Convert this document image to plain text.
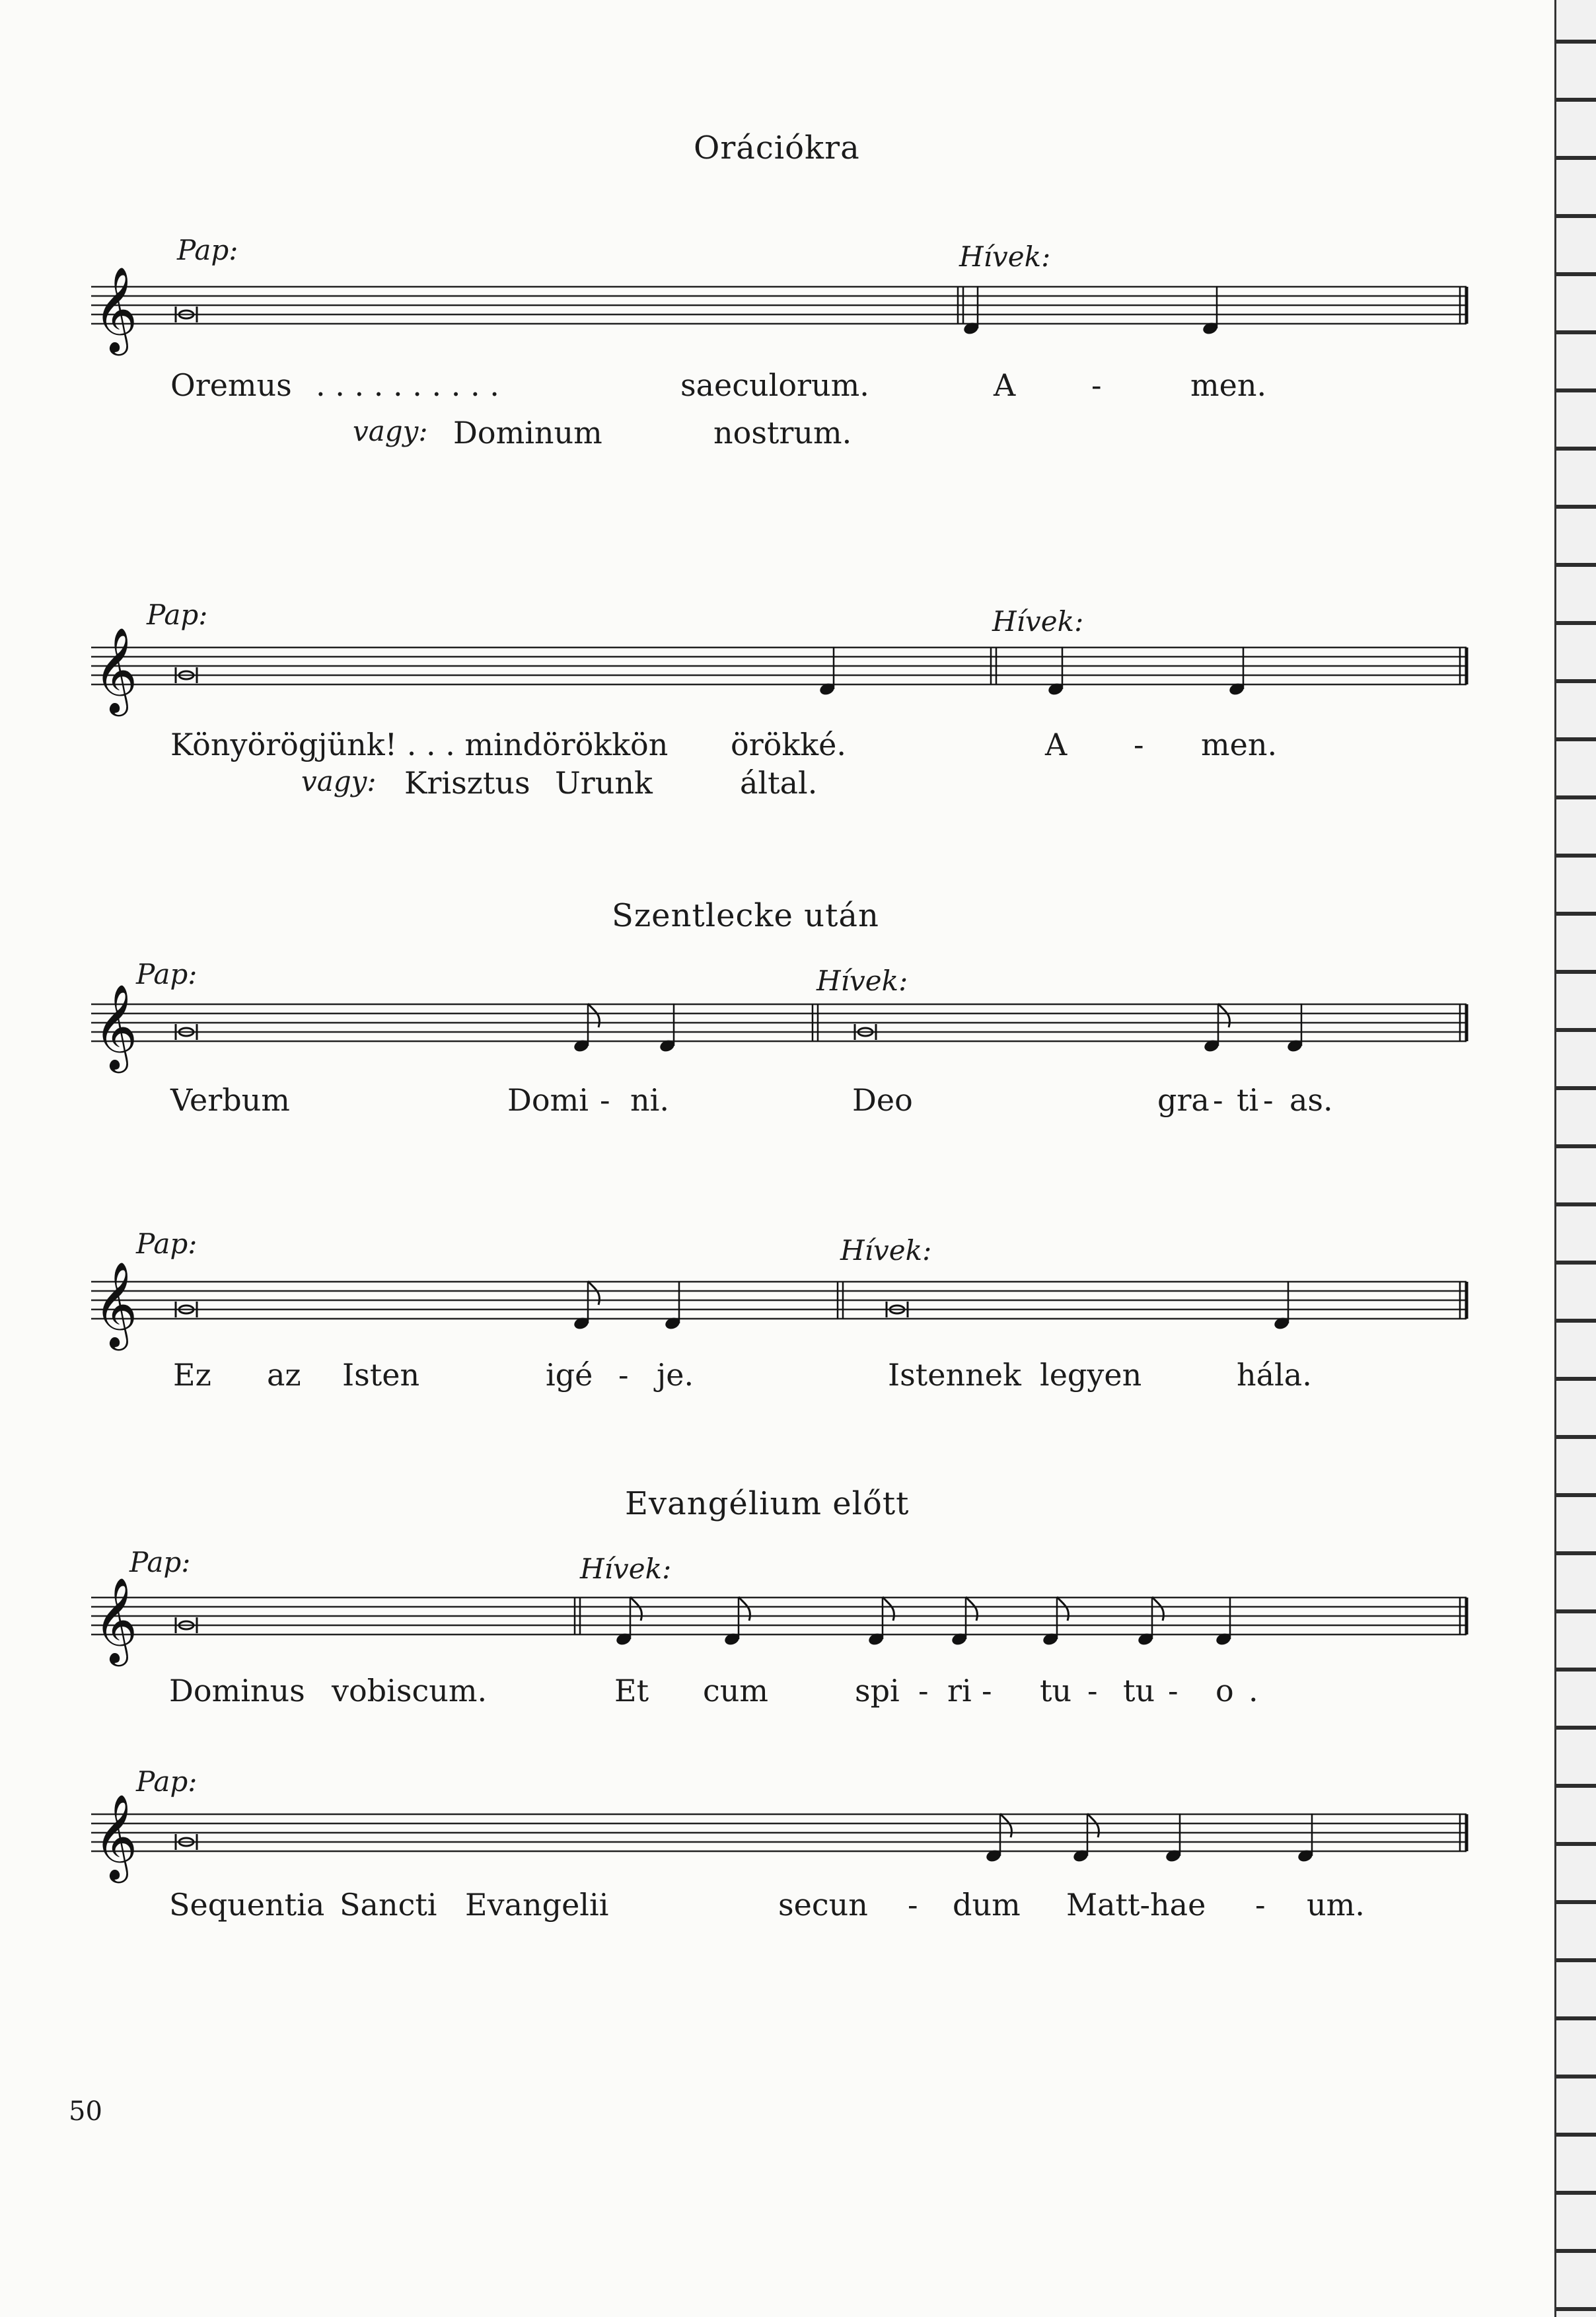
𝄞
𝄞
𝄞
𝄞
𝄞
𝄞
Orációkra
Szentlecke után
Evangélium előtt
Pap:	Hívek:
Oremus . . . . . . . . . .	saeculorum.	A -	men.
vagy: Dominum	nostrum.
Pap:	Hívek:
Könyörögjünk! . . . mindörökkön örökké.	A - men.
vagy: Krisztus Urunk	által.
Pap:	Hívek:
Verbum	Domi - ni.	Deo	gra - ti - as.
Pap:	Hívek:
Ez az Isten	igé - je.	Istennek legyen	hála.
Pap:	Hívek:
Dominus vobiscum.	Et cum	spi - ri - tu - tu - o .
Pap:
Sequentia Sancti Evangelii	secun - dum Matt-hae - um.
50
